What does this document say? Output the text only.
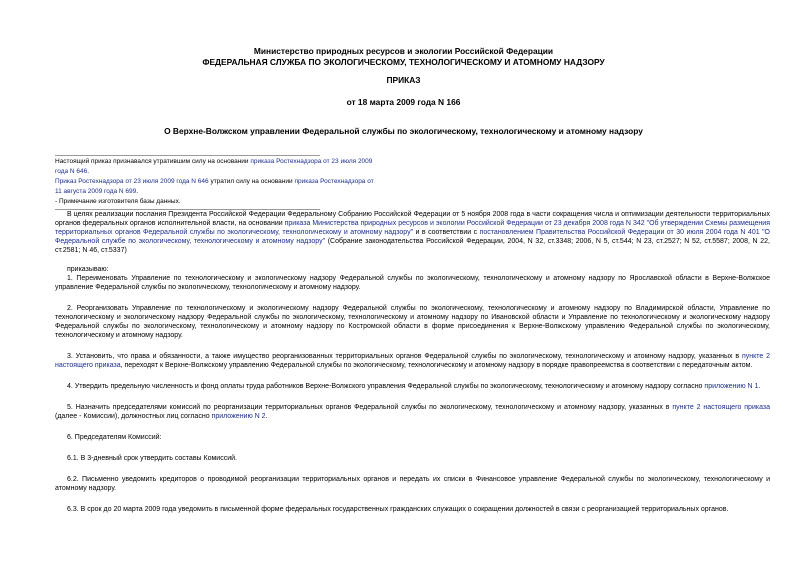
Министерство природных ресурсов и экологии Российской Федерации
ФЕДЕРАЛЬНАЯ СЛУЖБА ПО ЭКОЛОГИЧЕСКОМУ, ТЕХНОЛОГИЧЕСКОМУ И АТОМНОМУ НАДЗОРУ
ПРИКАЗ
от 18 марта 2009 года N 166
О Верхне-Волжском управлении Федеральной службы по экологическому, технологическому и атомному надзору

Настоящий приказ признавался утратившим силу на основании приказа Ростехнадзора от 23 июля 2009 года N 646.

Приказ Ростехнадзора от 23 июля 2009 года N 646 утратил силу на основании приказа Ростехнадзора от 11 августа 2009 года N 699.

- Примечание изготовителя базы данных.

В целях реализации послания Президента Российской Федерации Федеральному Собранию Российской Федерации от 5 ноября 2008 года в части сокращения числа и оптимизации деятельности территориальных органов федеральных органов исполнительной власти, на основании приказа Министерства природных ресурсов и экологии Российской Федерации от 23 декабря 2008 года N 342 "Об утверждении Схемы размещения территориальных органов Федеральной службы по экологическому, технологическому и атомному надзору" и в соответствии с постановлением Правительства Российской Федерации от 30 июля 2004 года N 401 "О Федеральной службе по экологическому, технологическому и атомному надзору" (Собрание законодательства Российской Федерации, 2004, N 32, ст.3348; 2006, N 5, ст.544; N 23, ст.2527; N 52, ст.5587; 2008, N 22, ст.2581; N 46, ст.5337)

приказываю:

1. Переименовать Управление по технологическому и экологическому надзору Федеральной службы по экологическому, технологическому и атомному надзору по Ярославской области в Верхне-Волжское управление Федеральной службы по экологическому, технологическому и атомному надзору.

2. Реорганизовать Управление по технологическому и экологическому надзору Федеральной службы по экологическому, технологическому и атомному надзору по Владимирской области, Управление по технологическому и экологическому надзору Федеральной службы по экологическому, технологическому и атомному надзору по Ивановской области и Управление по технологическому и экологическому надзору Федеральной службы по экологическому, технологическому и атомному надзору по Костромской области в форме присоединения к Верхне-Волжскому управлению Федеральной службы по экологическому, технологическому и атомному надзору.

3. Установить, что права и обязанности, а также имущество реорганизованных территориальных органов Федеральной службы по экологическому, технологическому и атомному надзору, указанных в пункте 2 настоящего приказа, переходят к Верхне-Волжскому управлению Федеральной службы по экологическому, технологическому и атомному надзору в порядке правопреемства в соответствии с передаточным актом.

4. Утвердить предельную численность и фонд оплаты труда работников Верхне-Волжского управления Федеральной службы по экологическому, технологическому и атомному надзору согласно приложению N 1.

5. Назначить председателями комиссий по реорганизации территориальных органов Федеральной службы по экологическому, технологическому и атомному надзору, указанных в пункте 2 настоящего приказа (далее - Комиссии), должностных лиц согласно приложению N 2.

6. Председателям Комиссий:

6.1. В 3-дневный срок утвердить составы Комиссий.

6.2. Письменно уведомить кредиторов о проводимой реорганизации территориальных органов и передать их списки в Финансовое управление Федеральной службы по экологическому, технологическому и атомному надзору.

6.3. В срок до 20 марта 2009 года уведомить в письменной форме федеральных государственных гражданских служащих о сокращении должностей в связи с реорганизацией территориальных органов.
